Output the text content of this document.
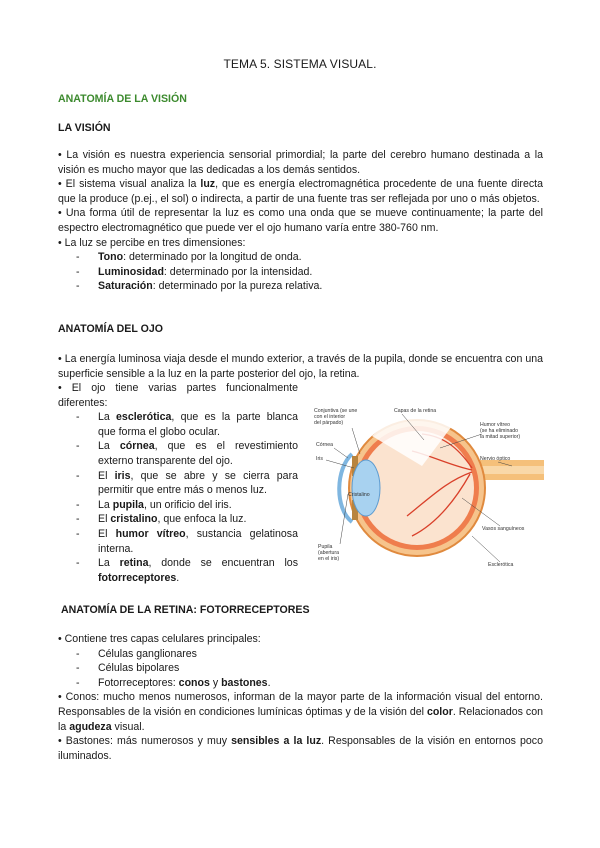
TEMA 5. SISTEMA VISUAL.
ANATOMÍA DE LA VISIÓN
LA VISIÓN

• La visión es nuestra experiencia sensorial primordial; la parte del cerebro humano destinada a la visión es mucho mayor que las dedicadas a los demás sentidos.

• El sistema visual analiza la luz, que es energía electromagnética procedente de una fuente directa que la produce (p.ej., el sol) o indirecta, a partir de una fuente tras ser reflejada por uno o más objetos.

• Una forma útil de representar la luz es como una onda que se mueve continuamente; la parte del espectro electromagnético que puede ver el ojo humano varía entre 380-760 nm.

• La luz se percibe en tres dimensiones:

- Tono: determinado por la longitud de onda.
- Luminosidad: determinado por la intensidad.
- Saturación: determinado por la pureza relativa.
ANATOMÍA DEL OJO

• La energía luminosa viaja desde el mundo exterior, a través de la pupila, donde se encuentra con una superficie sensible a la luz en la parte posterior del ojo, la retina.

• El ojo tiene varias partes funcionalmente diferentes:

- La esclerótica, que es la parte blanca que forma el globo ocular.
- La córnea, que es el revestimiento externo transparente del ojo.
- El iris, que se abre y se cierra para permitir que entre más o menos luz.
- La pupila, un orificio del iris.
- El cristalino, que enfoca la luz.
- El humor vítreo, sustancia gelatinosa interna.
- La retina, donde se encuentran los fotorreceptores.
Conjuntiva (se une
con el interior
del párpado)
Capas de la retina
Humor vítreo
(se ha eliminado
la mitad superior)
Córnea
Iris
Cristalino
Nervio óptico
Vasos sanguíneos
Pupila
(abertura
en el iris)
Esclerótica
ANATOMÍA DE LA RETINA: FOTORRECEPTORES

• Contiene tres capas celulares principales:

- Células ganglionares
- Células bipolares
- Fotorreceptores: conos y bastones.

• Conos: mucho menos numerosos, informan de la mayor parte de la información visual del entorno. Responsables de la visión en condiciones lumínicas óptimas y de la visión del color. Relacionados con la agudeza visual.

• Bastones: más numerosos y muy sensibles a la luz. Responsables de la visión en entornos poco iluminados.
